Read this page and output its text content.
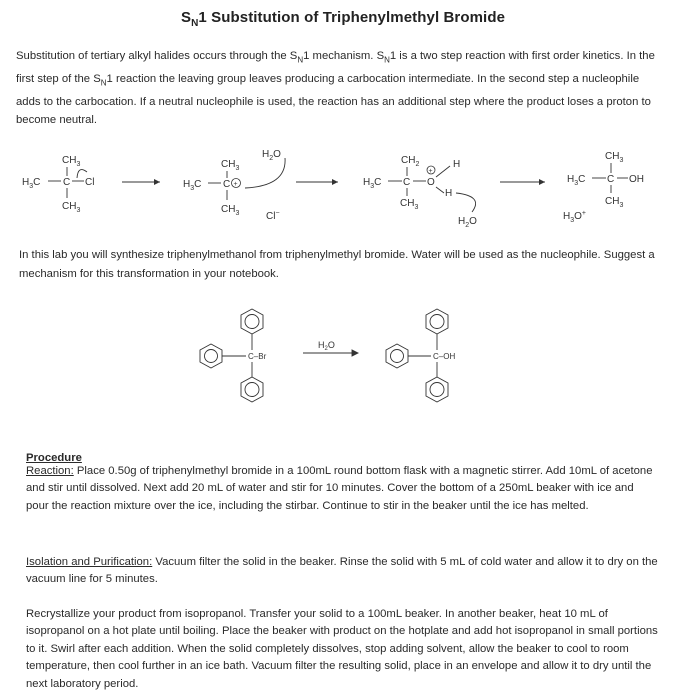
$S_N1$ Substitution of Triphenylmethyl Bromide
Substitution of tertiary alkyl halides occurs through the $S_N1$ mechanism. $S_N1$ is a two step reaction with first order kinetics. In the first step of the $S_N1$ reaction the leaving group leaves producing a carbocation intermediate. In the second step a nucleophile adds to the carbocation. If a neutral nucleophile is used, the reaction has an additional step where the product loses a proton to become neutral.
$CH_3$
$H_3C$ C Cl
$CH_3$
$CH_3$
$H_3C$ C +
$CH_3$
$H_2O$
Cl−
$CH_2$	H
$H_3C$ C O
+
H
$CH_3$
$H_2O$
$CH_3$
$H_3C$ C OH
$CH_3$
$H_3O^+$
C–Br	C–OH
$H_2O$
In this lab you will synthesize triphenylmethanol from triphenylmethyl bromide. Water will be used as the nucleophile. Suggest a mechanism for this transformation in your notebook.
Procedure
Reaction: Place 0.50g of triphenylmethyl bromide in a 100mL round bottom flask with a magnetic stirrer. Add 10mL of acetone and stir until dissolved. Next add 20 mL of water and stir for 10 minutes. Cover the bottom of a 250mL beaker with ice and pour the reaction mixture over the ice, including the stirbar. Continue to stir in the beaker until the ice has melted.
Isolation and Purification: Vacuum filter the solid in the beaker. Rinse the solid with 5 mL of cold water and allow it to dry on the vacuum line for 5 minutes.
Recrystallize your product from isopropanol. Transfer your solid to a 100mL beaker. In another beaker, heat 10 mL of isopropanol on a hot plate until boiling. Place the beaker with product on the hotplate and add hot isopropanol in small portions to it. Swirl after each addition. When the solid completely dissolves, stop adding solvent, allow the beaker to cool to room temperature, then cool further in an ice bath. Vacuum filter the resulting solid, place in an envelope and allow it to dry until the next laboratory period.
